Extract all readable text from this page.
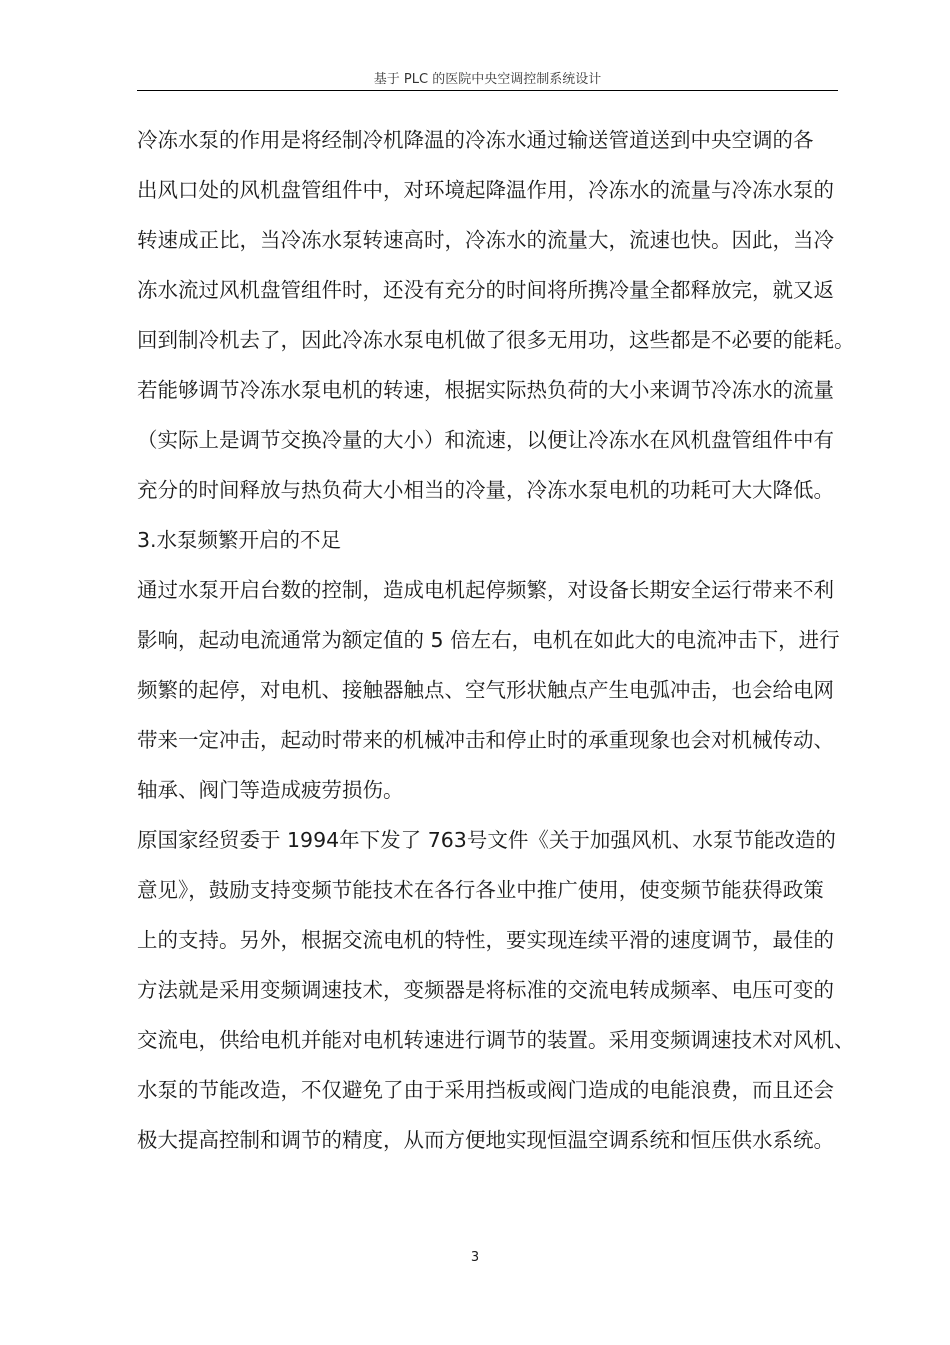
基于 PLC 的医院中央空调控制系统设计
冷冻水泵的作用是将经制冷机降温的冷冻水通过输送管道送到中央空调的各
出风口处的风机盘管组件中，对环境起降温作用，冷冻水的流量与冷冻水泵的
转速成正比，当冷冻水泵转速高时，冷冻水的流量大，流速也快。因此，当冷
冻水流过风机盘管组件时，还没有充分的时间将所携冷量全都释放完，就又返
回到制冷机去了，因此冷冻水泵电机做了很多无用功，这些都是不必要的能耗。
若能够调节冷冻水泵电机的转速，根据实际热负荷的大小来调节冷冻水的流量
（实际上是调节交换冷量的大小）和流速，以便让冷冻水在风机盘管组件中有
充分的时间释放与热负荷大小相当的冷量，冷冻水泵电机的功耗可大大降低。
3.水泵频繁开启的不足
通过水泵开启台数的控制，造成电机起停频繁，对设备长期安全运行带来不利
影响，起动电流通常为额定值的 5 倍左右，电机在如此大的电流冲击下，进行
频繁的起停，对电机、接触器触点、空气形状触点产生电弧冲击，也会给电网
带来一定冲击，起动时带来的机械冲击和停止时的承重现象也会对机械传动、
轴承、阀门等造成疲劳损伤。
原国家经贸委于 1994年下发了 763号文件《关于加强风机、水泵节能改造的
意见》，鼓励支持变频节能技术在各行各业中推广使用，使变频节能获得政策
上的支持。另外，根据交流电机的特性，要实现连续平滑的速度调节，最佳的
方法就是采用变频调速技术，变频器是将标准的交流电转成频率、电压可变的
交流电，供给电机并能对电机转速进行调节的装置。采用变频调速技术对风机、
水泵的节能改造，不仅避免了由于采用挡板或阀门造成的电能浪费，而且还会
极大提高控制和调节的精度，从而方便地实现恒温空调系统和恒压供水系统。
3
